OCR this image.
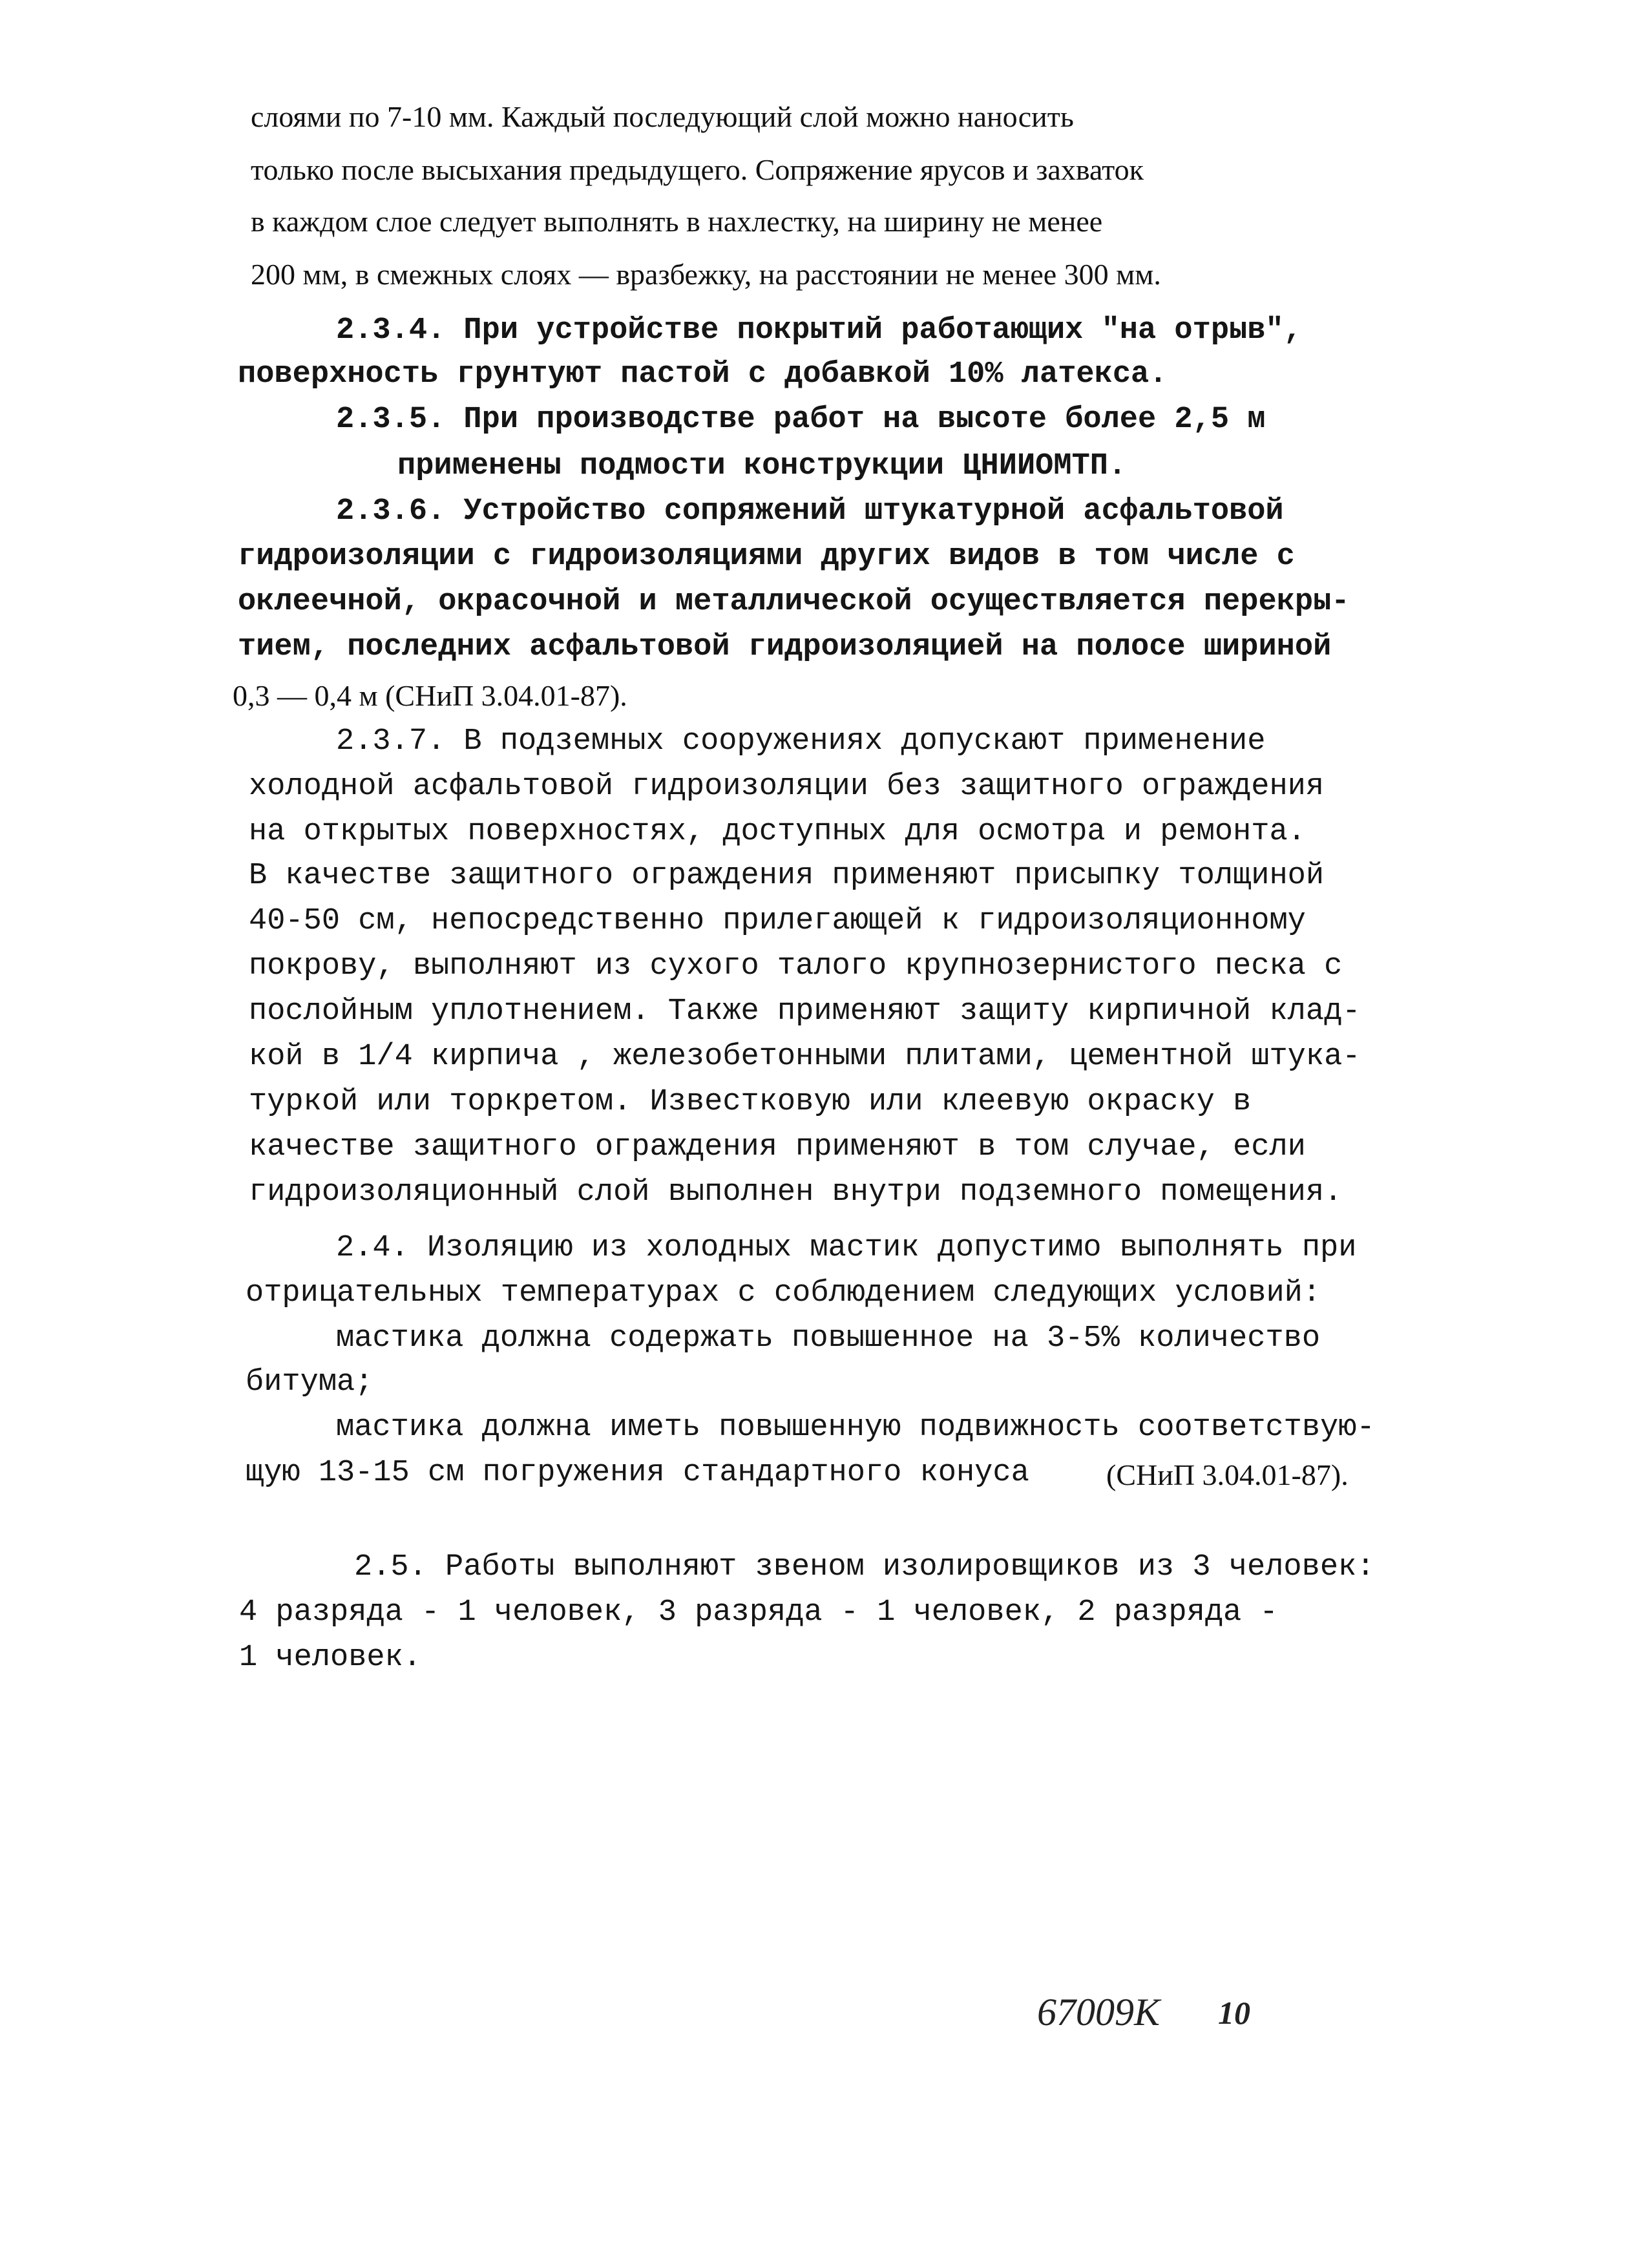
слоями по 7-10 мм. Каждый последующий слой можно наносить
только после высыхания предыдущего. Сопряжение ярусов и захваток
в каждом слое следует выполнять в нахлестку, на ширину не менее
200 мм, в смежных слоях — вразбежку, на расстоянии не менее 300 мм.
2.3.4. При устройстве покрытий работающих "на отрыв",
поверхность грунтуют пастой с добавкой 10% латекса.
2.3.5. При производстве работ на высоте более 2,5 м
применены подмости конструкции ЦНИИОМТП.
2.3.6. Устройство сопряжений штукатурной асфальтовой
гидроизоляции с гидроизоляциями других видов в том числе с
оклеечной, окрасочной и металлической осуществляется перекры-
тием, последних асфальтовой гидроизоляцией на полосе шириной
0,3 — 0,4 м (СНиП 3.04.01-87).
2.3.7. В подземных сооружениях допускают применение
холодной асфальтовой гидроизоляции без защитного ограждения
на открытых поверхностях, доступных для осмотра и ремонта.
В качестве защитного ограждения применяют присыпку толщиной
40-50 см, непосредственно прилегающей к гидроизоляционному
покрову, выполняют из сухого талого крупнозернистого песка с
послойным уплотнением. Также применяют защиту кирпичной клад-
кой в 1/4 кирпича , железобетонными плитами, цементной штука-
туркой или торкретом. Известковую или клеевую окраску в
качестве защитного ограждения применяют в том случае, если
гидроизоляционный слой выполнен внутри подземного помещения.
2.4. Изоляцию из холодных мастик допустимо выполнять при
отрицательных температурах с соблюдением следующих условий:
мастика должна содержать повышенное на 3-5% количество
битума;
мастика должна иметь повышенную подвижность соответствую-
щую 13-15 см погружения стандартного конуса	(СНиП 3.04.01-87).
2.5. Работы выполняют звеном изолировщиков из 3 человек:
4 разряда - 1 человек, 3 разряда - 1 человек, 2 разряда -
1 человек.
67009К 10
